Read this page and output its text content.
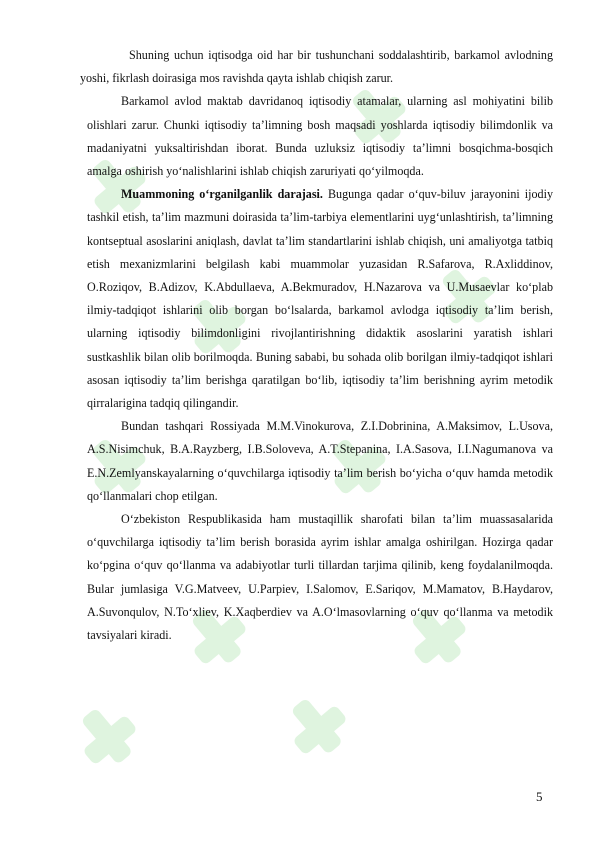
Shuning uchun iqtisodga oid har bir tushunchani soddalashtirib, barkamol avlodning yoshi, fikrlash doirasiga mos ravishda qayta ishlab chiqish zarur.

Barkamol avlod maktab davridanoq iqtisodiy atamalar, ularning asl mohiyatini bilib olishlari zarur. Chunki iqtisodiy ta’limning bosh maqsadi yoshlarda iqtisodiy bilimdonlik va madaniyatni yuksaltirishdan iborat. Bunda uzluksiz iqtisodiy ta’limni bosqichma-bosqich amalga oshirish yo‘nalishlarini ishlab chiqish zaruriyati qo‘yilmoqda.

Muammoning o‘rganilganlik darajasi. Bugunga qadar o‘quv-biluv jarayonini ijodiy tashkil etish, ta’lim mazmuni doirasida ta’lim-tarbiya elementlarini uyg‘unlashtirish, ta’limning kontseptual asoslarini aniqlash, davlat ta’lim standartlarini ishlab chiqish, uni amaliyotga tatbiq etish mexanizmlarini belgilash kabi muammolar yuzasidan R.Safarova, R.Axliddinov, O.Roziqov, B.Adizov, K.Abdullaeva, A.Bekmuradov, H.Nazarova va U.Musaevlar ko‘plab ilmiy-tadqiqot ishlarini olib borgan bo‘lsalarda, barkamol avlodga iqtisodiy ta’lim berish, ularning iqtisodiy bilimdonligini rivojlantirishning didaktik asoslarini yaratish ishlari sustkashlik bilan olib borilmoqda. Buning sababi, bu sohada olib borilgan ilmiy-tadqiqot ishlari asosan iqtisodiy ta’lim berishga qaratilgan bo‘lib, iqtisodiy ta’lim berishning ayrim metodik qirralarigina tadqiq qilingandir.

Bundan tashqari Rossiyada M.M.Vinokurova, Z.I.Dobrinina, A.Maksimov, L.Usova, A.S.Nisimchuk, B.A.Rayzberg, I.B.Soloveva, A.T.Stepanina, I.A.Sasova, I.I.Nagumanova va E.N.Zemlyanskayalarning o‘quvchilarga iqtisodiy ta’lim berish bo‘yicha o‘quv hamda metodik qo‘llanmalari chop etilgan.

O‘zbekiston Respublikasida ham mustaqillik sharofati bilan ta’lim muassasalarida o‘quvchilarga iqtisodiy ta’lim berish borasida ayrim ishlar amalga oshirilgan. Hozirga qadar ko‘pgina o‘quv qo‘llanma va adabiyotlar turli tillardan tarjima qilinib, keng foydalanilmoqda. Bular jumlasiga V.G.Matveev, U.Parpiev, I.Salomov, E.Sariqov, M.Mamatov, B.Haydarov, A.Suvonqulov, N.To‘xliev, K.Xaqberdiev va A.O‘lmasovlarning o‘quv qo‘llanma va metodik tavsiyalari kiradi.

5
